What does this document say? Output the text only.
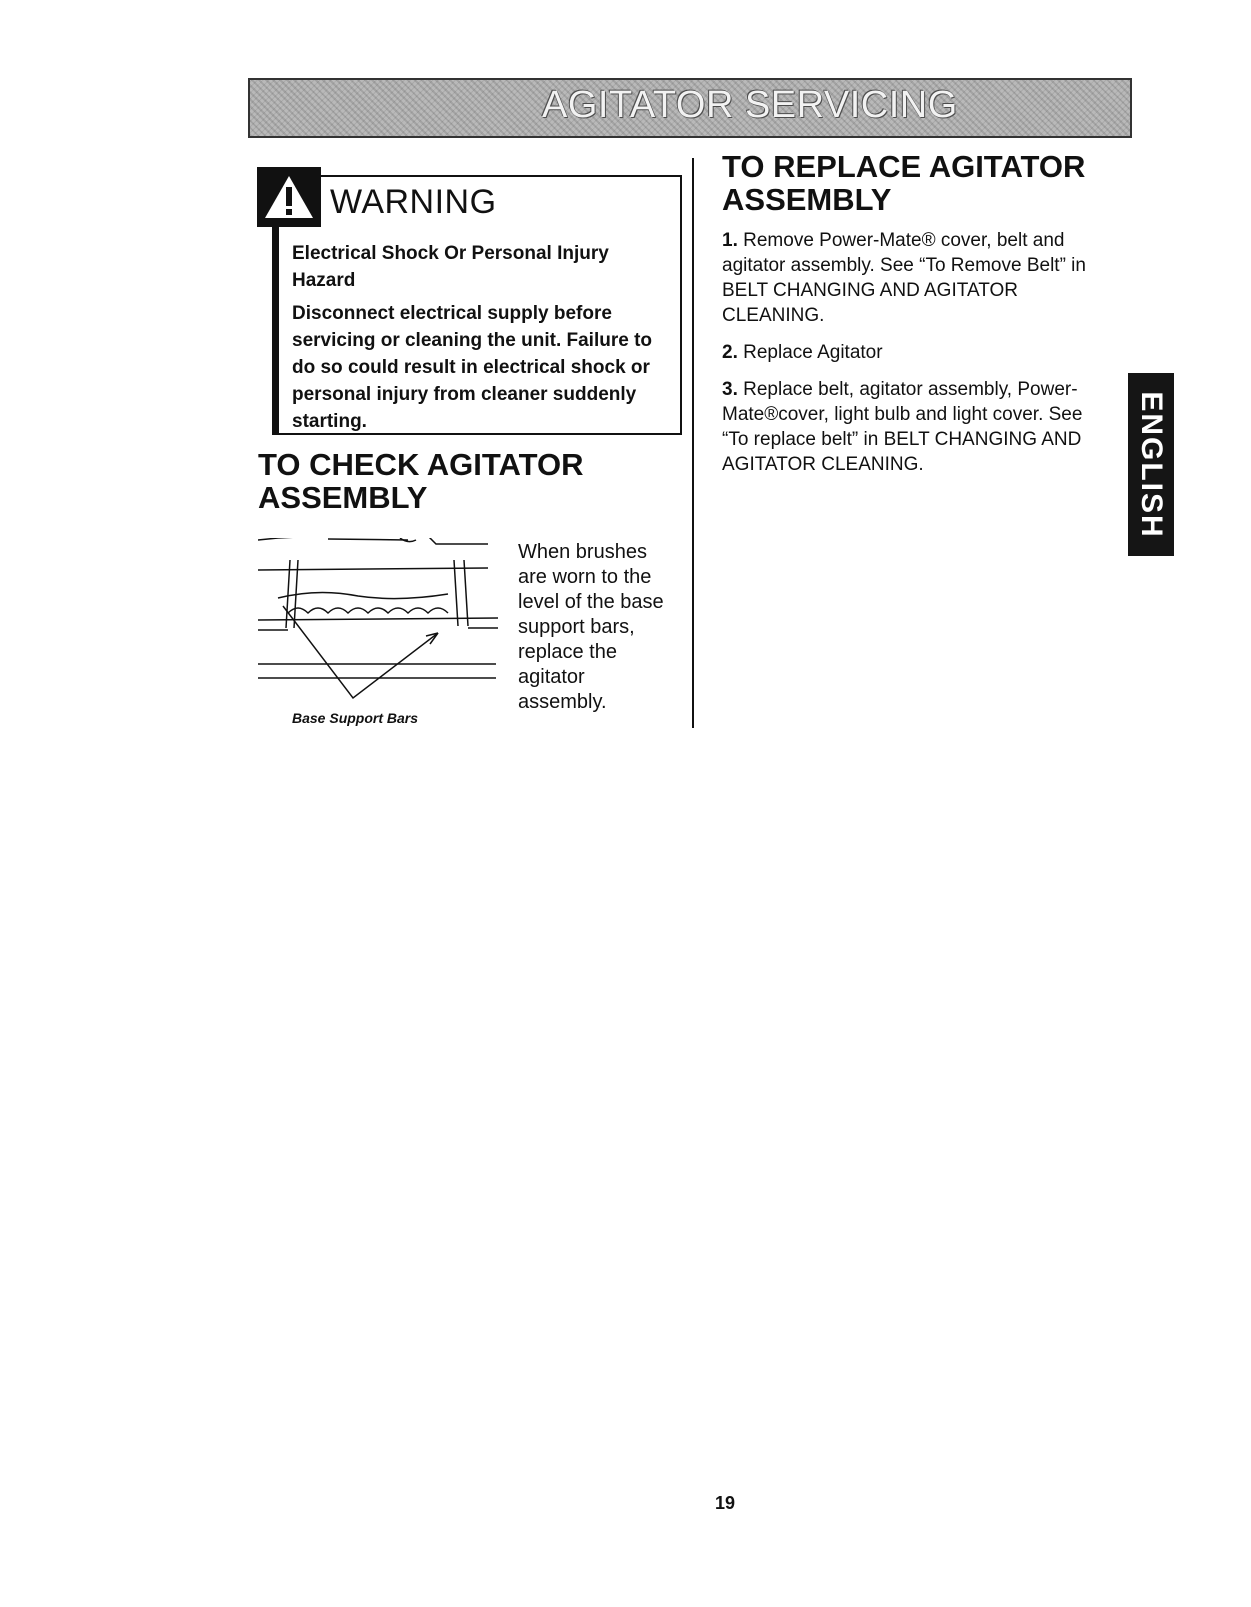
AGITATOR SERVICING
WARNING

Electrical Shock Or Personal Injury Hazard

Disconnect electrical supply before servicing or cleaning the unit. Failure to do so could result in electrical shock or personal injury from cleaner suddenly starting.

TO CHECK AGITATOR
ASSEMBLY
Base Support Bars
When brushes are worn to the level of the base support bars, replace the agitator assembly.
TO REPLACE AGITATOR
ASSEMBLY
1. Remove Power-Mate® cover, belt and agitator assembly. See “To Remove Belt” in BELT CHANGING AND AGITATOR CLEANING.
2. Replace Agitator
3. Replace belt, agitator assembly, Power-Mate®cover, light bulb and light cover. See “To replace belt” in BELT CHANGING AND AGITATOR CLEANING.	ENGLISH
19
